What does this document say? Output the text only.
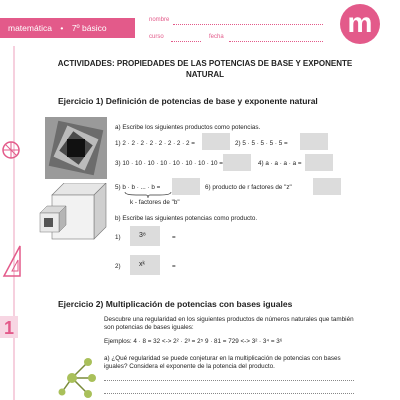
matemática • 7º básico
nombre
curso	fecha	m
1
ACTIVIDADES: PROPIEDADES DE LAS POTENCIAS DE BASE Y EXPONENTE NATURAL
Ejercicio 1) Definición de potencias de base y exponente natural
a) Escribe los siguientes productos como potencias.
1) 2 · 2 · 2 · 2 · 2 · 2 · 2 · 2 =	2) 5 · 5 · 5 · 5 · 5 =
3) 10 · 10 · 10 · 10 · 10 · 10 · 10 · 10 =	4) a · a · a · a =
5) b · b · ... · b =	6) producto de r factores de "z"
k - factores de "b"
b) Escribe las siguientes potencias como producto.
1)	3⁸	=
2)	xᵏ	=
Ejercicio 2) Multiplicación de potencias con bases iguales
Descubre una regularidad en los siguientes productos de números naturales que también son potencias de bases iguales:
Ejemplos: 4 · 8 = 32 <-> 2² · 2³ = 2⁵ 9 · 81 = 729 <-> 3² · 3⁴ = 3⁶
a) ¿Qué regularidad se puede conjeturar en la multiplicación de potencias con bases iguales? Considera el exponente de la potencia del producto.
